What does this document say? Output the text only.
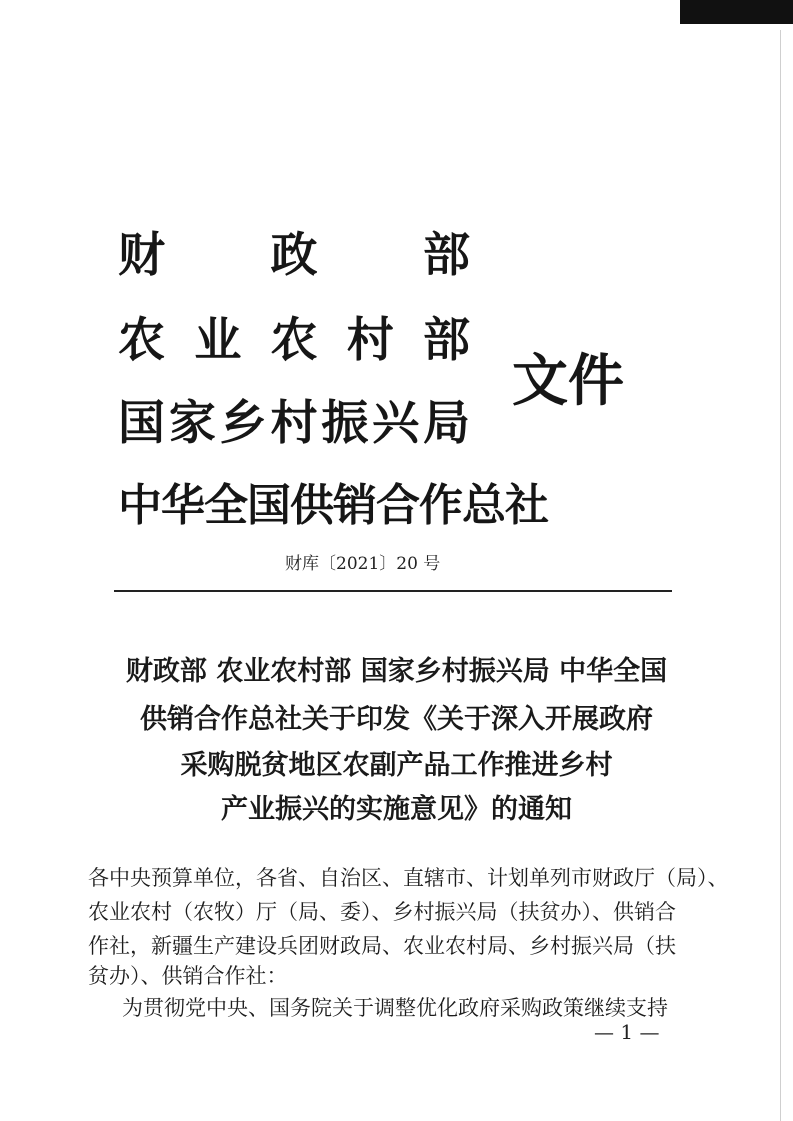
财 政 部
农 业 农 村 部
国 家 乡 村 振 兴 局
中华全国供销合作总社
文件
财库〔2021〕20 号
财政部 农业农村部 国家乡村振兴局 中华全国
供销合作总社关于印发《关于深入开展政府
采购脱贫地区农副产品工作推进乡村
产业振兴的实施意见》的通知
各中央预算单位，各省、自治区、直辖市、计划单列市财政厅（局）、
农业农村（农牧）厅（局、委）、乡村振兴局（扶贫办）、供销合
作社，新疆生产建设兵团财政局、农业农村局、乡村振兴局（扶
贫办）、供销合作社：
为贯彻党中央、国务院关于调整优化政府采购政策继续支持
— 1 —
